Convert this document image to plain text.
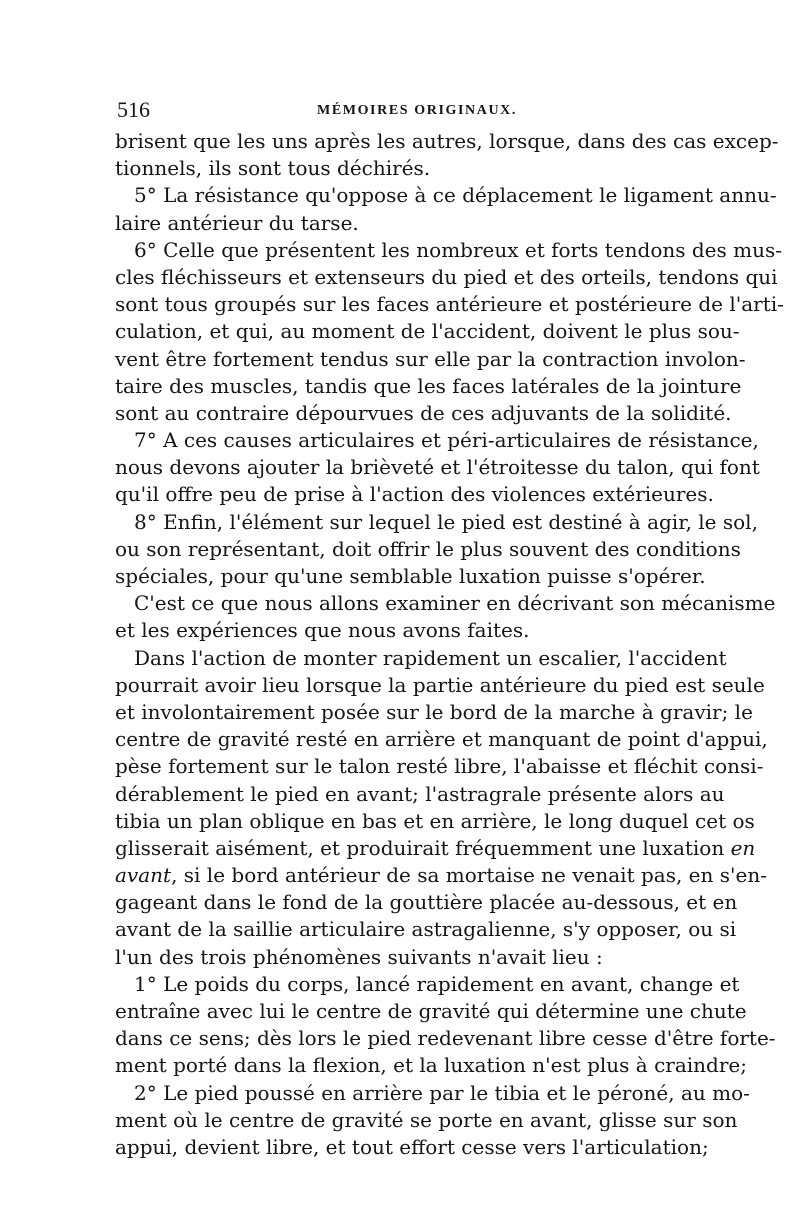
516	MÉMOIRES ORIGINAUX.
brisent que les uns après les autres, lorsque, dans des cas excep-
tionnels, ils sont tous déchirés.
5° La résistance qu'oppose à ce déplacement le ligament annu-
laire antérieur du tarse.
6° Celle que présentent les nombreux et forts tendons des mus-
cles fléchisseurs et extenseurs du pied et des orteils, tendons qui
sont tous groupés sur les faces antérieure et postérieure de l'arti-
culation, et qui, au moment de l'accident, doivent le plus sou-
vent être fortement tendus sur elle par la contraction involon-
taire des muscles, tandis que les faces latérales de la jointure
sont au contraire dépourvues de ces adjuvants de la solidité.
7° A ces causes articulaires et péri-articulaires de résistance,
nous devons ajouter la brièveté et l'étroitesse du talon, qui font
qu'il offre peu de prise à l'action des violences extérieures.
8° Enfin, l'élément sur lequel le pied est destiné à agir, le sol,
ou son représentant, doit offrir le plus souvent des conditions
spéciales, pour qu'une semblable luxation puisse s'opérer.
C'est ce que nous allons examiner en décrivant son mécanisme
et les expériences que nous avons faites.
Dans l'action de monter rapidement un escalier, l'accident
pourrait avoir lieu lorsque la partie antérieure du pied est seule
et involontairement posée sur le bord de la marche à gravir; le
centre de gravité resté en arrière et manquant de point d'appui,
pèse fortement sur le talon resté libre, l'abaisse et fléchit consi-
dérablement le pied en avant; l'astragrale présente alors au
tibia un plan oblique en bas et en arrière, le long duquel cet os
glisserait aisément, et produirait fréquemment une luxation en
avant, si le bord antérieur de sa mortaise ne venait pas, en s'en-
gageant dans le fond de la gouttière placée au-dessous, et en
avant de la saillie articulaire astragalienne, s'y opposer, ou si
l'un des trois phénomènes suivants n'avait lieu :
1° Le poids du corps, lancé rapidement en avant, change et
entraîne avec lui le centre de gravité qui détermine une chute
dans ce sens; dès lors le pied redevenant libre cesse d'être forte-
ment porté dans la flexion, et la luxation n'est plus à craindre;
2° Le pied poussé en arrière par le tibia et le péroné, au mo-
ment où le centre de gravité se porte en avant, glisse sur son
appui, devient libre, et tout effort cesse vers l'articulation;
